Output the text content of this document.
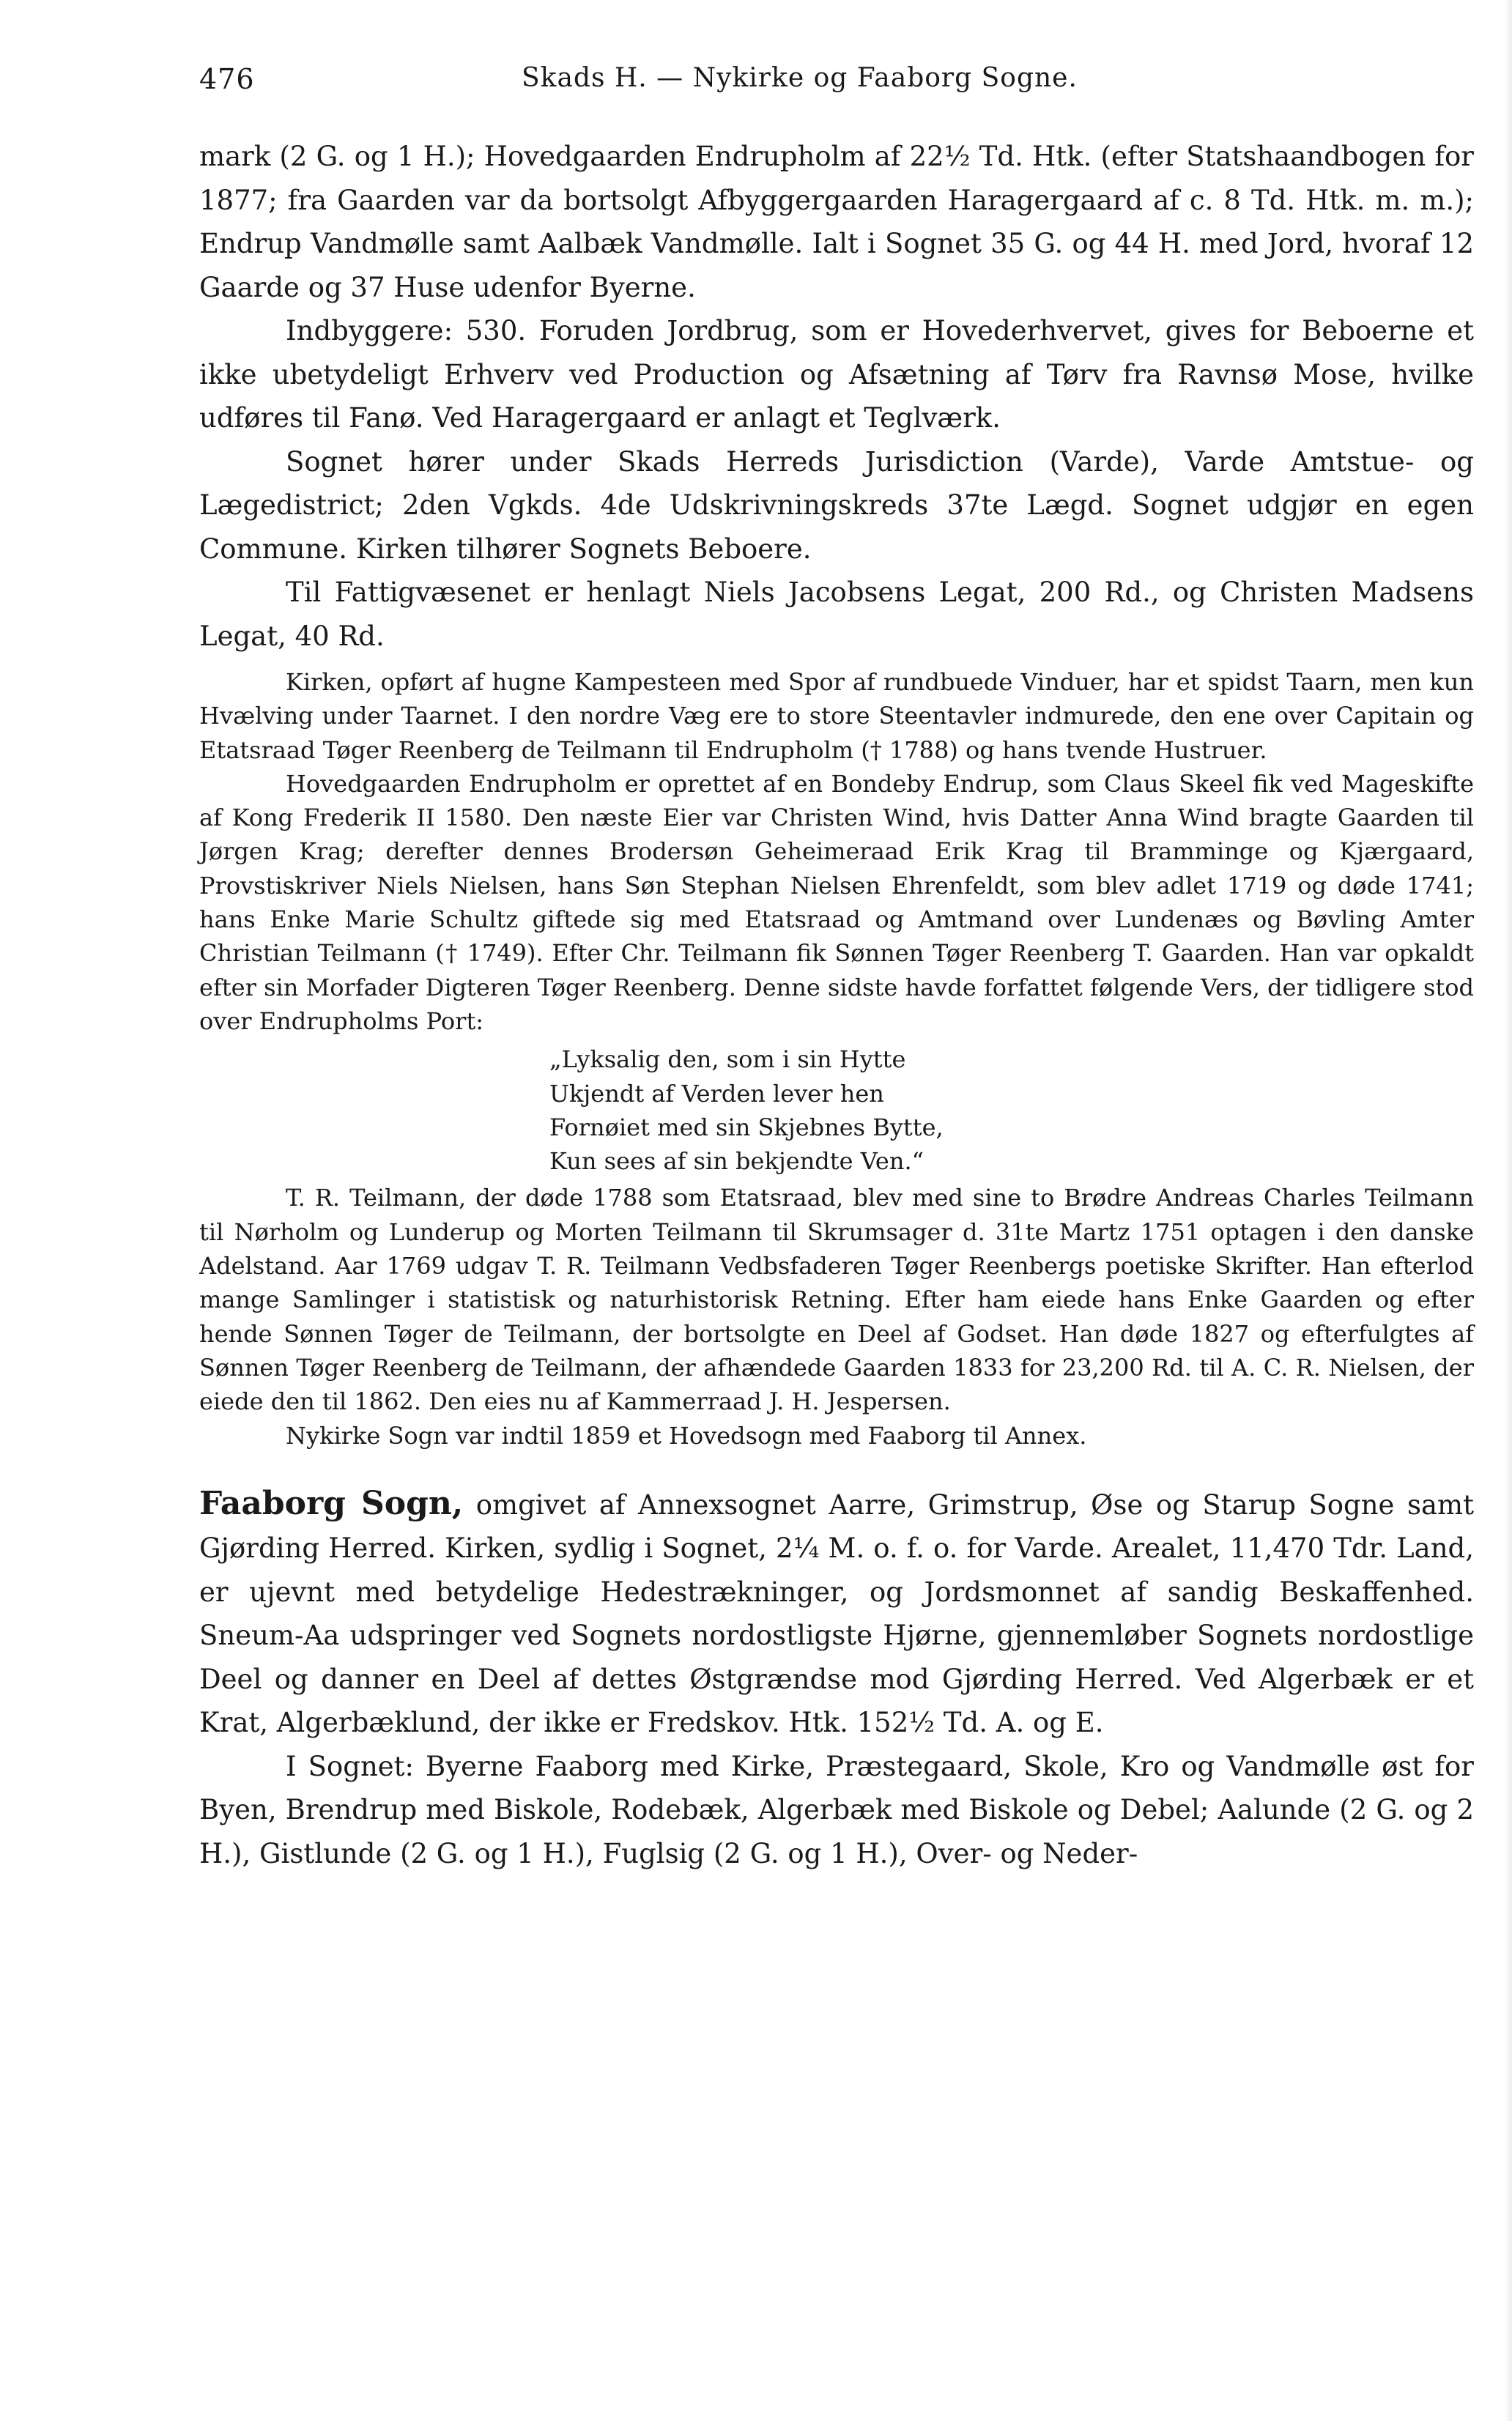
476	Skads H. — Nykirke og Faaborg Sogne.

mark (2 G. og 1 H.); Hovedgaarden Endrupholm af 22½ Td. Htk. (efter Statshaandbogen for 1877; fra Gaarden var da bortsolgt Afbyggergaarden Haragergaard af c. 8 Td. Htk. m. m.); Endrup Vandmølle samt Aalbæk Vandmølle. Ialt i Sognet 35 G. og 44 H. med Jord, hvoraf 12 Gaarde og 37 Huse udenfor Byerne.

Indbyggere: 530. Foruden Jordbrug, som er Hovederhvervet, gives for Beboerne et ikke ubetydeligt Erhverv ved Production og Afsætning af Tørv fra Ravnsø Mose, hvilke udføres til Fanø. Ved Haragergaard er anlagt et Teglværk.

Sognet hører under Skads Herreds Jurisdiction (Varde), Varde Amtstue- og Lægedistrict; 2den Vgkds. 4de Udskrivningskreds 37te Lægd. Sognet udgjør en egen Commune. Kirken tilhører Sognets Beboere.

Til Fattigvæsenet er henlagt Niels Jacobsens Legat, 200 Rd., og Christen Madsens Legat, 40 Rd.

Kirken, opført af hugne Kampesteen med Spor af rundbuede Vinduer, har et spidst Taarn, men kun Hvælving under Taarnet. I den nordre Væg ere to store Steentavler indmurede, den ene over Capitain og Etatsraad Tøger Reenberg de Teilmann til Endrupholm († 1788) og hans tvende Hustruer.

Hovedgaarden Endrupholm er oprettet af en Bondeby Endrup, som Claus Skeel fik ved Mageskifte af Kong Frederik II 1580. Den næste Eier var Christen Wind, hvis Datter Anna Wind bragte Gaarden til Jørgen Krag; derefter dennes Brodersøn Geheimeraad Erik Krag til Bramminge og Kjærgaard, Provstiskriver Niels Nielsen, hans Søn Stephan Nielsen Ehrenfeldt, som blev adlet 1719 og døde 1741; hans Enke Marie Schultz giftede sig med Etatsraad og Amtmand over Lundenæs og Bøvling Amter Christian Teilmann († 1749). Efter Chr. Teilmann fik Sønnen Tøger Reenberg T. Gaarden. Han var opkaldt efter sin Morfader Digteren Tøger Reenberg. Denne sidste havde forfattet følgende Vers, der tidligere stod over Endrupholms Port:

„Lyksalig den, som i sin Hytte
Ukjendt af Verden lever hen
Fornøiet med sin Skjebnes Bytte,
Kun sees af sin bekjendte Ven.“

T. R. Teilmann, der døde 1788 som Etatsraad, blev med sine to Brødre Andreas Charles Teilmann til Nørholm og Lunderup og Morten Teilmann til Skrumsager d. 31te Martz 1751 optagen i den danske Adelstand. Aar 1769 udgav T. R. Teilmann Vedbsfaderen Tøger Reenbergs poetiske Skrifter. Han efterlod mange Samlinger i statistisk og naturhistorisk Retning. Efter ham eiede hans Enke Gaarden og efter hende Sønnen Tøger de Teilmann, der bortsolgte en Deel af Godset. Han døde 1827 og efterfulgtes af Sønnen Tøger Reenberg de Teilmann, der afhændede Gaarden 1833 for 23,200 Rd. til A. C. R. Nielsen, der eiede den til 1862. Den eies nu af Kammerraad J. H. Jespersen.

Nykirke Sogn var indtil 1859 et Hovedsogn med Faaborg til Annex.

Faaborg Sogn, omgivet af Annexsognet Aarre, Grimstrup, Øse og Starup Sogne samt Gjørding Herred. Kirken, sydlig i Sognet, 2¼ M. o. f. o. for Varde. Arealet, 11,470 Tdr. Land, er ujevnt med betydelige Hedestrækninger, og Jordsmonnet af sandig Beskaffenhed. Sneum-Aa udspringer ved Sognets nordostligste Hjørne, gjennemløber Sognets nordostlige Deel og danner en Deel af dettes Østgrændse mod Gjørding Herred. Ved Algerbæk er et Krat, Algerbæklund, der ikke er Fredskov. Htk. 152½ Td. A. og E.

I Sognet: Byerne Faaborg med Kirke, Præstegaard, Skole, Kro og Vandmølle øst for Byen, Brendrup med Biskole, Rodebæk, Algerbæk med Biskole og Debel; Aalunde (2 G. og 2 H.), Gistlunde (2 G. og 1 H.), Fuglsig (2 G. og 1 H.), Over- og Neder-
